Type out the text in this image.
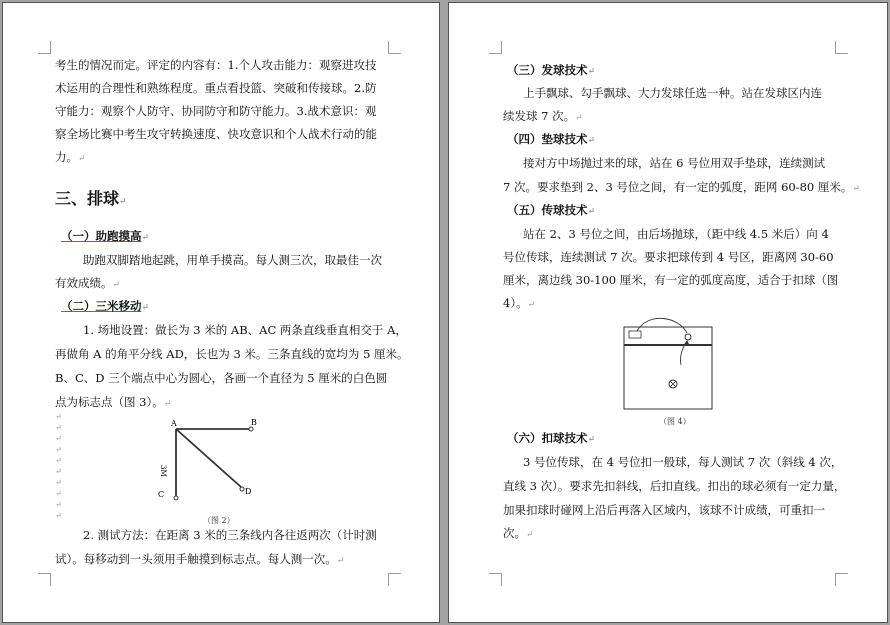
考生的情况而定。评定的内容有：1.个人攻击能力：观察进攻技
术运用的合理性和熟练程度。重点看投篮、突破和传接球。2.防
守能力：观察个人防守、协同防守和防守能力。3.战术意识：观
察全场比赛中考生攻守转换速度、快攻意识和个人战术行动的能
力。↵
三、排球↵
（一）助跑摸高↵
助跑双脚踏地起跳，用单手摸高。每人测三次，取最佳一次
有效成绩。↵
（二）三米移动↵
1. 场地设置：做长为 3 米的 AB、AC 两条直线垂直相交于 A，
再做角 A 的角平分线 AD，长也为 3 米。三条直线的宽均为 5 厘米。
B、C、D 三个端点中心为圆心，各画一个直径为 5 厘米的白色圆
点为标志点（图 3）。↵
↵
↵
↵
↵
↵
↵
↵
↵
↵
↵
A	B
C	D
3M
（图 2）
2. 测试方法：在距离 3 米的三条线内各往返两次（计时测
试）。每移动到一头须用手触摸到标志点。每人测一次。↵
（三）发球技术↵
上手飘球、勾手飘球、大力发球任选一种。站在发球区内连
续发球 7 次。↵
（四）垫球技术↵
接对方中场抛过来的球，站在 6 号位用双手垫球，连续测试
7 次。要求垫到 2、3 号位之间，有一定的弧度，距网 60-80 厘米。↵
（五）传球技术↵
站在 2、3 号位之间，由后场抛球，（距中线 4.5 米后）向 4
号位传球，连续测试 7 次。要求把球传到 4 号区，距离网 30-60
厘米，离边线 30-100 厘米，有一定的弧度高度，适合于扣球（图
4）。↵
（图 4）
（六）扣球技术↵
3 号位传球，在 4 号位扣一般球，每人测试 7 次（斜线 4 次，
直线 3 次）。要求先扣斜线，后扣直线。扣出的球必须有一定力量，
加果扣球时碰网上沿后再落入区域内，该球不计成绩，可重扣一
次。↵
